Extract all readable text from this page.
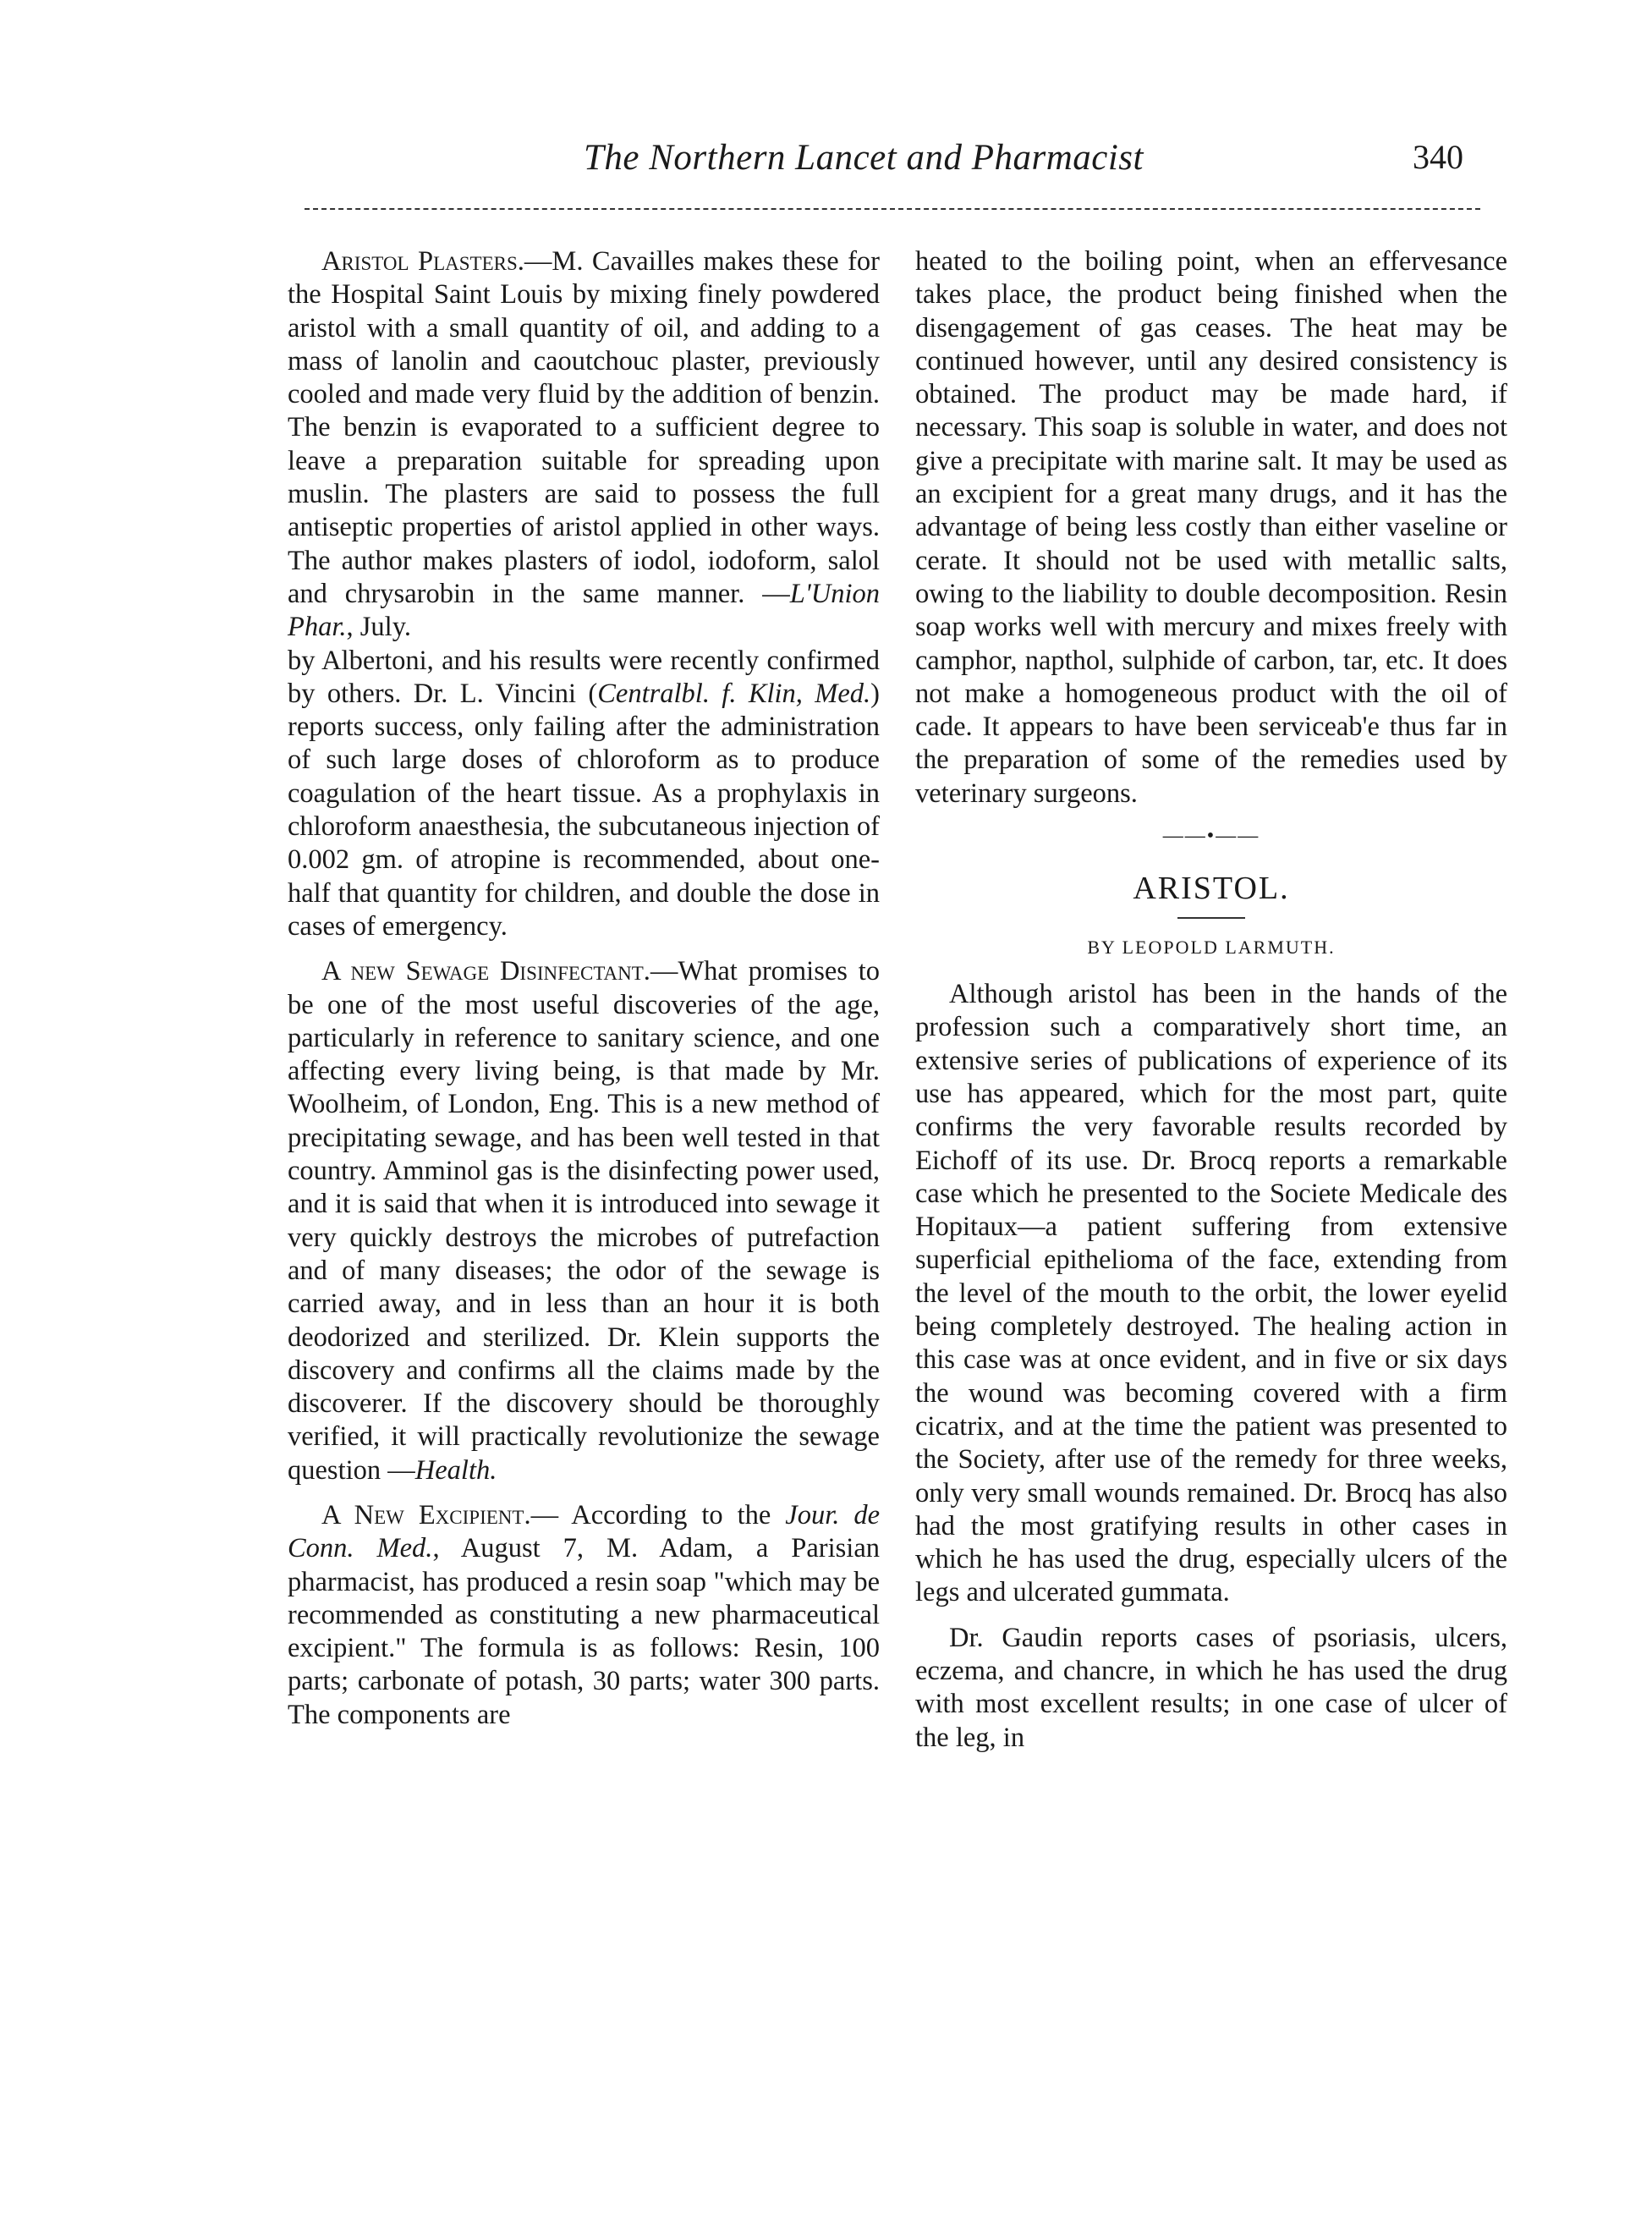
The Northern Lancet and Pharmacist	340

Aristol Plasters.—M. Cavailles makes these for the Hospital Saint Louis by mixing finely powdered aristol with a small quantity of oil, and adding to a mass of lanolin and caoutchouc plaster, previously cooled and made very fluid by the addition of benzin. The benzin is evaporated to a sufficient degree to leave a preparation suitable for spreading upon muslin. The plasters are said to possess the full antiseptic properties of aristol applied in other ways. The author makes plasters of iodol, iodoform, salol and chrysarobin in the same manner. —L'Union Phar., July.

by Albertoni, and his results were recently confirmed by others. Dr. L. Vincini (Centralbl. f. Klin, Med.) reports success, only failing after the administration of such large doses of chloroform as to produce coagulation of the heart tissue. As a prophylaxis in chloroform anaesthesia, the subcutaneous injection of 0.002 gm. of atropine is recommended, about one-half that quantity for children, and double the dose in cases of emergency.

A new Sewage Disinfectant.—What promises to be one of the most useful discoveries of the age, particularly in reference to sanitary science, and one affecting every living being, is that made by Mr. Woolheim, of London, Eng. This is a new method of precipitating sewage, and has been well tested in that country. Amminol gas is the disinfecting power used, and it is said that when it is introduced into sewage it very quickly destroys the microbes of putrefaction and of many diseases; the odor of the sewage is carried away, and in less than an hour it is both deodorized and sterilized. Dr. Klein supports the discovery and confirms all the claims made by the discoverer. If the discovery should be thoroughly verified, it will practically revolutionize the sewage question —Health.

A New Excipient.— According to the Jour. de Conn. Med., August 7, M. Adam, a Parisian pharmacist, has produced a resin soap "which may be recommended as constituting a new pharmaceutical excipient." The formula is as follows: Resin, 100 parts; carbonate of potash, 30 parts; water 300 parts. The components are

heated to the boiling point, when an effervesance takes place, the product being finished when the disengagement of gas ceases. The heat may be continued however, until any desired consistency is obtained. The product may be made hard, if necessary. This soap is soluble in water, and does not give a precipitate with marine salt. It may be used as an excipient for a great many drugs, and it has the advantage of being less costly than either vaseline or cerate. It should not be used with metallic salts, owing to the liability to double decomposition. Resin soap works well with mercury and mixes freely with camphor, napthol, sulphide of carbon, tar, etc. It does not make a homogeneous product with the oil of cade. It appears to have been serviceab'e thus far in the preparation of some of the remedies used by veterinary surgeons.

——•——
ARISTOL.
BY LEOPOLD LARMUTH.

Although aristol has been in the hands of the profession such a comparatively short time, an extensive series of publications of experience of its use has appeared, which for the most part, quite confirms the very favorable results recorded by Eichoff of its use. Dr. Brocq reports a remarkable case which he presented to the Societe Medicale des Hopitaux—a patient suffering from extensive superficial epithelioma of the face, extending from the level of the mouth to the orbit, the lower eyelid being completely destroyed. The healing action in this case was at once evident, and in five or six days the wound was becoming covered with a firm cicatrix, and at the time the patient was presented to the Society, after use of the remedy for three weeks, only very small wounds remained. Dr. Brocq has also had the most gratifying results in other cases in which he has used the drug, especially ulcers of the legs and ulcerated gummata.

Dr. Gaudin reports cases of psoriasis, ulcers, eczema, and chancre, in which he has used the drug with most excellent results; in one case of ulcer of the leg, in
